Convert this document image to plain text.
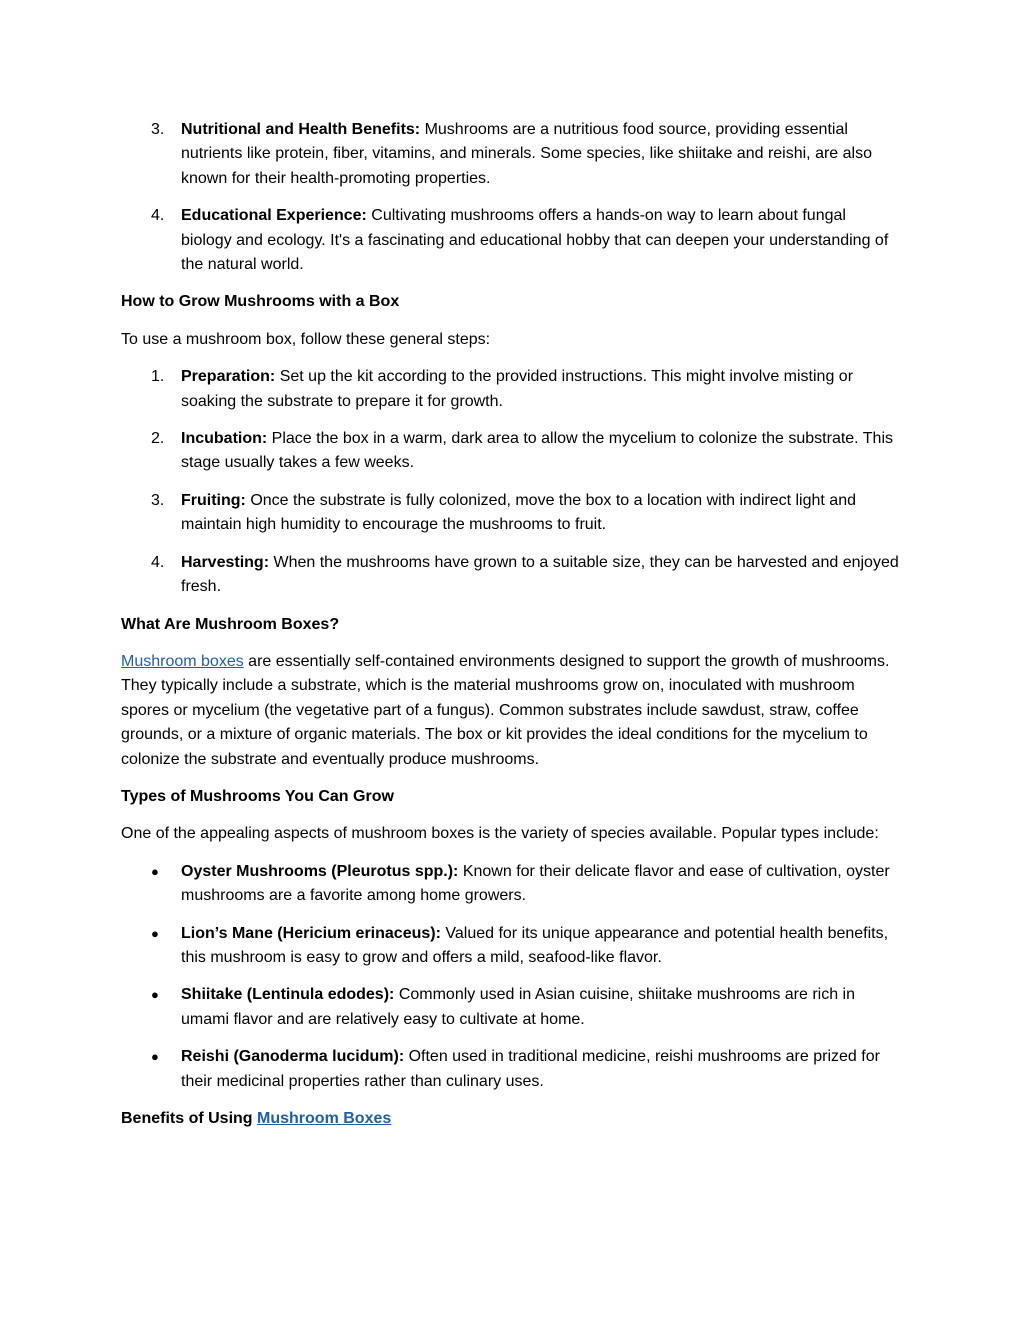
3.	Nutritional and Health Benefits: Mushrooms are a nutritious food source, providing essential nutrients like protein, fiber, vitamins, and minerals. Some species, like shiitake and reishi, are also known for their health-promoting properties.
4.	Educational Experience: Cultivating mushrooms offers a hands-on way to learn about fungal biology and ecology. It's a fascinating and educational hobby that can deepen your understanding of the natural world.
How to Grow Mushrooms with a Box
To use a mushroom box, follow these general steps:
1.	Preparation: Set up the kit according to the provided instructions. This might involve misting or soaking the substrate to prepare it for growth.
2.	Incubation: Place the box in a warm, dark area to allow the mycelium to colonize the substrate. This stage usually takes a few weeks.
3.	Fruiting: Once the substrate is fully colonized, move the box to a location with indirect light and maintain high humidity to encourage the mushrooms to fruit.
4.	Harvesting: When the mushrooms have grown to a suitable size, they can be harvested and enjoyed fresh.
What Are Mushroom Boxes?
Mushroom boxes are essentially self-contained environments designed to support the growth of mushrooms. They typically include a substrate, which is the material mushrooms grow on, inoculated with mushroom spores or mycelium (the vegetative part of a fungus). Common substrates include sawdust, straw, coffee grounds, or a mixture of organic materials. The box or kit provides the ideal conditions for the mycelium to colonize the substrate and eventually produce mushrooms.
Types of Mushrooms You Can Grow
One of the appealing aspects of mushroom boxes is the variety of species available. Popular types include:
● Oyster Mushrooms (Pleurotus spp.): Known for their delicate flavor and ease of cultivation, oyster mushrooms are a favorite among home growers.
● Lion’s Mane (Hericium erinaceus): Valued for its unique appearance and potential health benefits, this mushroom is easy to grow and offers a mild, seafood-like flavor.
● Shiitake (Lentinula edodes): Commonly used in Asian cuisine, shiitake mushrooms are rich in umami flavor and are relatively easy to cultivate at home.
● Reishi (Ganoderma lucidum): Often used in traditional medicine, reishi mushrooms are prized for their medicinal properties rather than culinary uses.
Benefits of Using Mushroom Boxes
